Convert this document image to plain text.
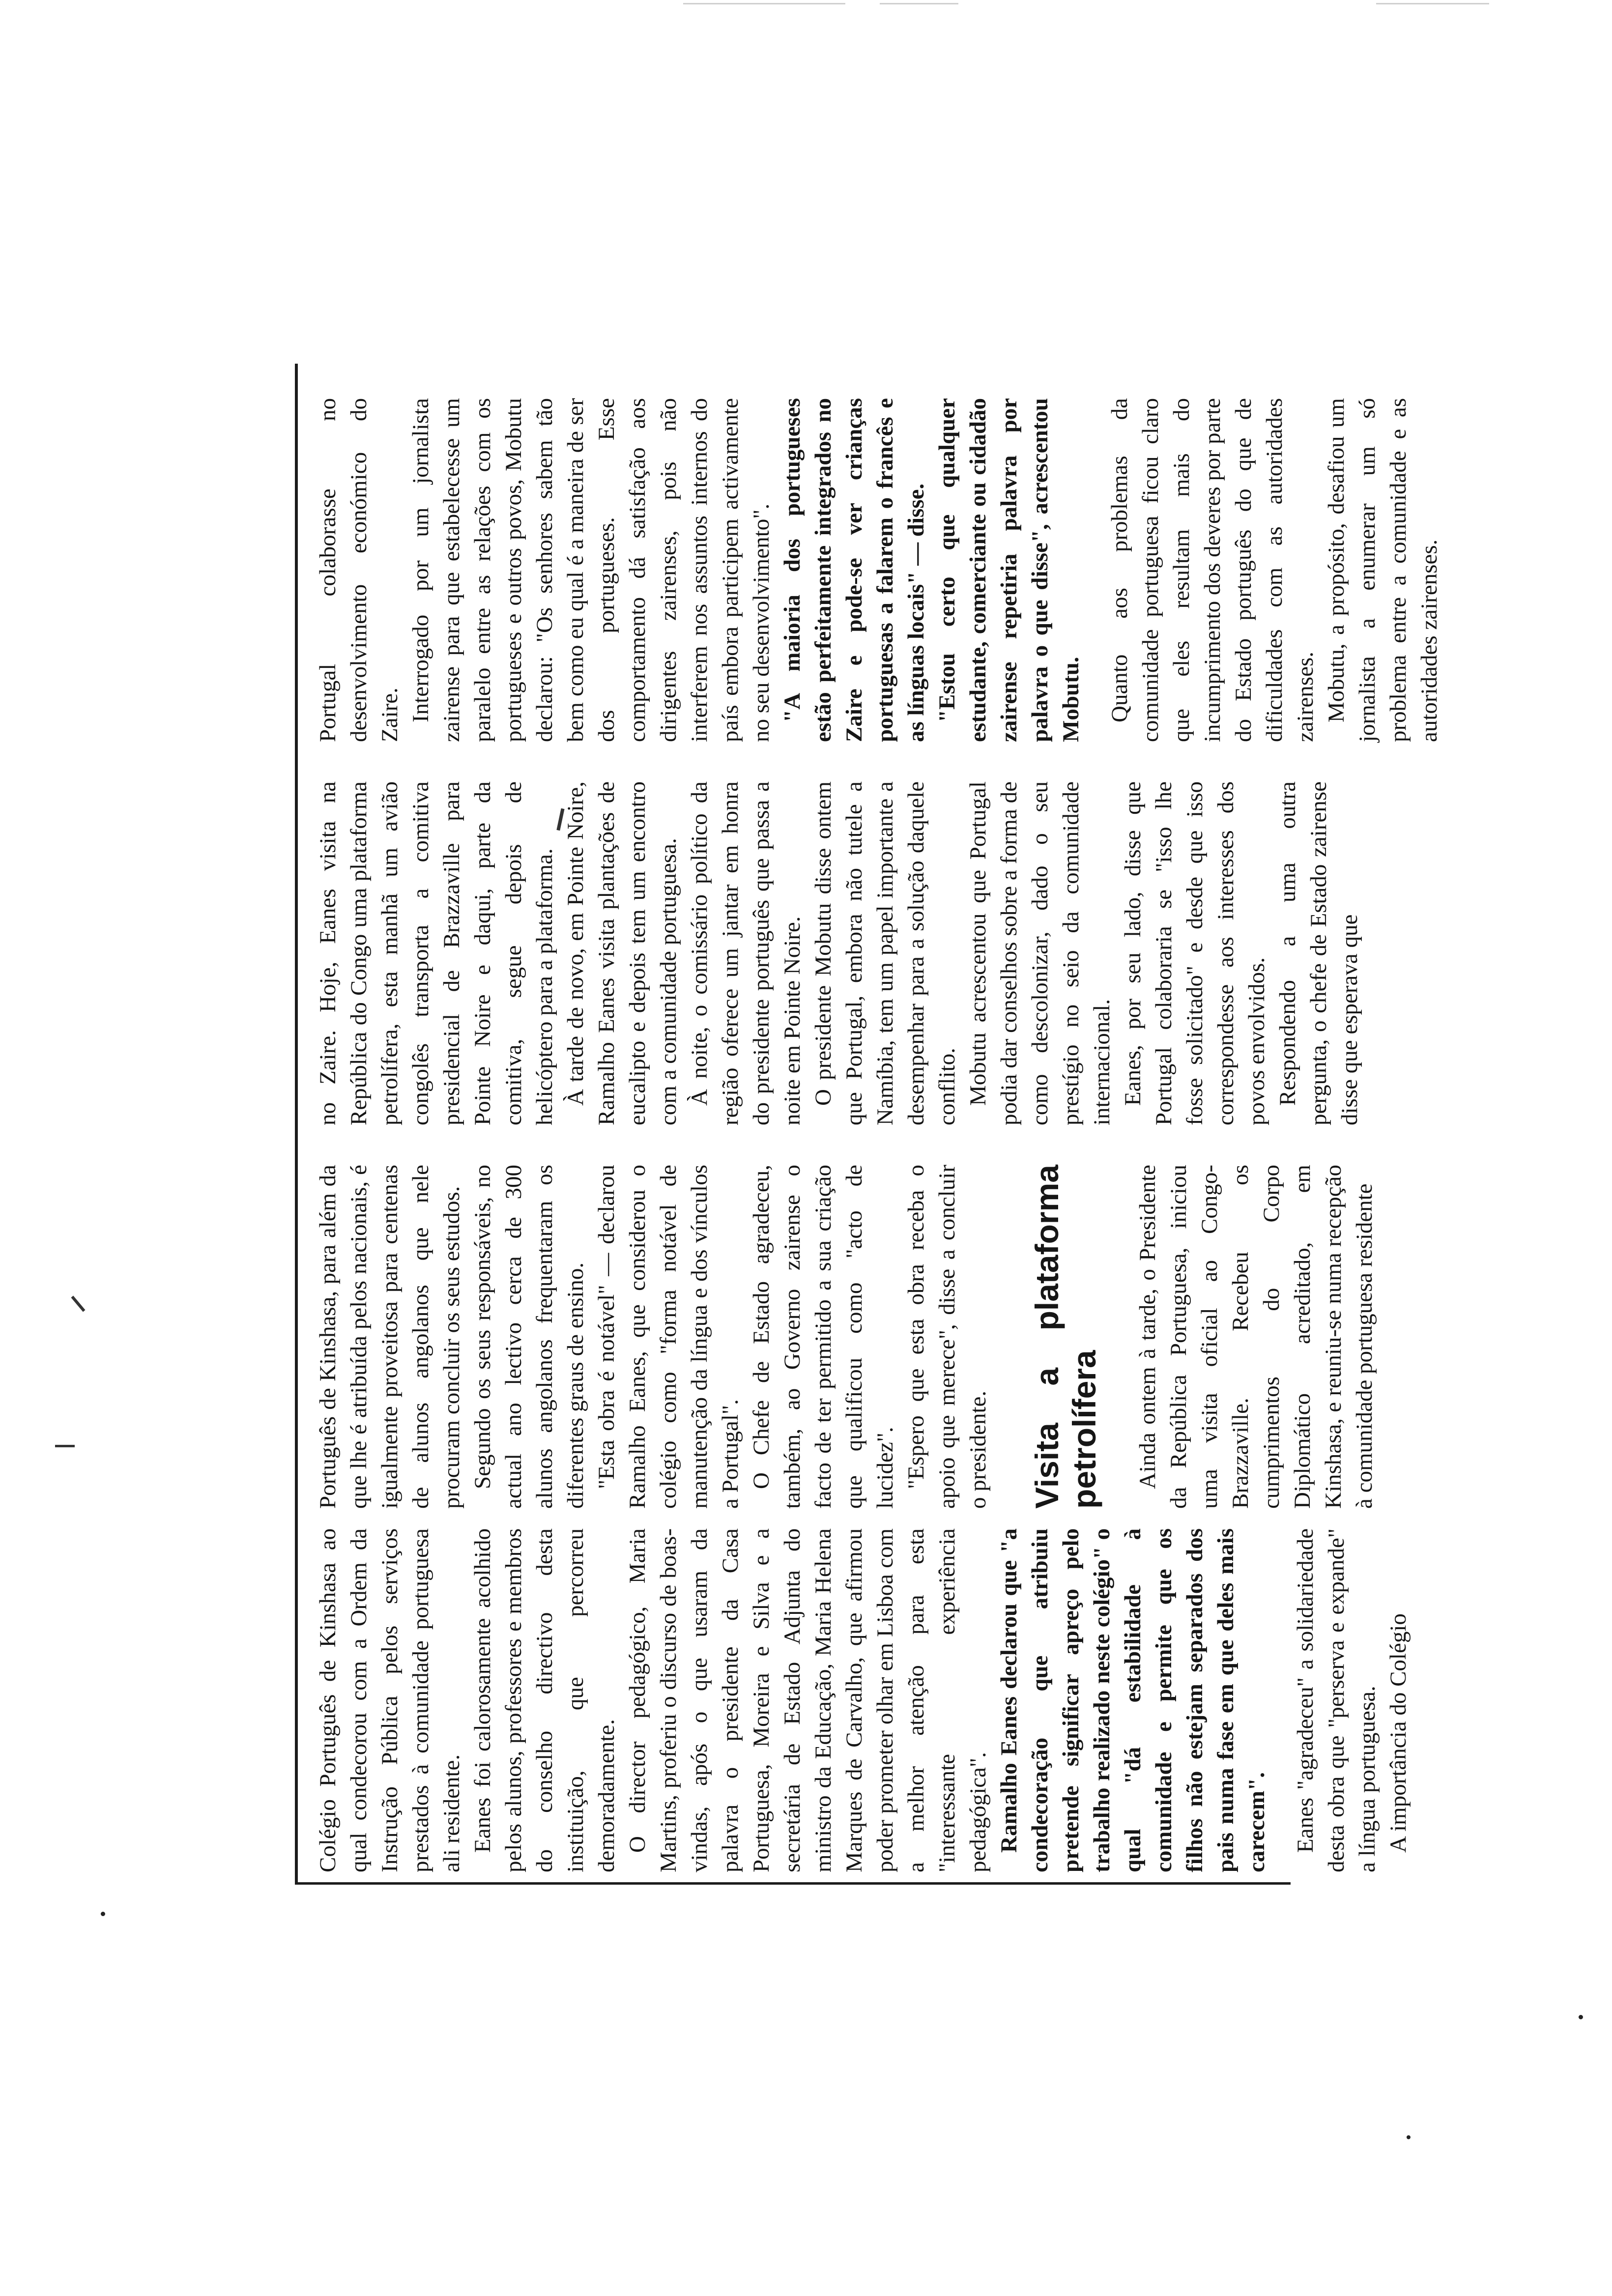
Colégio Português de Kinshasa ao qual condecorou com a Ordem da Instrução Pública pelos serviços prestados à comunidade portuguesa ali residente. Eanes foi calorosamente acolhido pelos alunos, professores e membros do conselho directivo desta instituição, que percorreu demoradamente. O director pedagógico, Maria Martins, proferiu o discurso de boas-vindas, após o que usaram da palavra o presidente da Casa Portuguesa, Moreira e Silva e a secretária de Estado Adjunta do ministro da Educação, Maria Helena Marques de Carvalho, que afirmou poder prometer olhar em Lisboa com a melhor atenção para esta "interessante experiência pedagógica". Ramalho Eanes declarou que "a condecoração que atribuiu pretende significar apreço pelo trabalho realizado neste colégio" o qual "dá estabilidade à comunidade e permite que os filhos não estejam separados dos pais numa fase em que deles mais carecem". Eanes "agradeceu" a solidariedade desta obra que "perserva e expande" a língua portuguesa. A importância do Colégio

Português de Kinshasa, para além da que lhe é atribuída pelos nacionais, é igualmente proveitosa para centenas de alunos angolanos que nele procuram concluir os seus estudos. Segundo os seus responsáveis, no actual ano lectivo cerca de 300 alunos angolanos frequentaram os diferentes graus de ensino. "Esta obra é notável" — declarou Ramalho Eanes, que considerou o colégio como "forma notável de manutenção da língua e dos vínculos a Portugal". O Chefe de Estado agradeceu, também, ao Governo zairense o facto de ter permitido a sua criação que qualificou como "acto de lucidez". "Espero que esta obra receba o apoio que merece", disse a concluir o presidente. Visita a plataforma petrolífera Ainda ontem à tarde, o Presidente da República Portuguesa, iniciou uma visita oficial ao Congo-Brazzaville. Recebeu os cumprimentos do Corpo Diplomático acreditado, em Kinshasa, e reuniu-se numa recepção à comunidade portuguesa residente

no Zaire. Hoje, Eanes visita na República do Congo uma plataforma petrolífera, esta manhã um avião congolês transporta a comitiva presidencial de Brazzaville para Pointe Noire e daqui, parte da comitiva, segue depois de helicóptero para a plataforma. À tarde de novo, em Pointe Noire, Ramalho Eanes visita plantações de eucalipto e depois tem um encontro com a comunidade portuguesa. À noite, o comissário político da região oferece um jantar em honra do presidente português que passa a noite em Pointe Noire. O presidente Mobutu disse ontem que Portugal, embora não tutele a Namíbia, tem um papel importante a desempenhar para a solução daquele conflito. Mobutu acrescentou que Portugal podia dar conselhos sobre a forma de como descolonizar, dado o seu prestígio no seio da comunidade internacional. Eanes, por seu lado, disse que Portugal colaboraria se "isso lhe fosse solicitado" e desde que isso correspondesse aos interesses dos povos envolvidos. Respondendo a uma outra pergunta, o chefe de Estado zairense disse que esperava que

Portugal colaborasse no desenvolvimento económico do Zaire. Interrogado por um jornalista zairense para que estabelecesse um paralelo entre as relações com os portugueses e outros povos, Mobutu declarou: "Os senhores sabem tão bem como eu qual é a maneira de ser dos portugueses. Esse comportamento dá satisfação aos dirigentes zairenses, pois não interferem nos assuntos internos do país embora participem activamente no seu desenvolvimento". "A maioria dos portugueses estão perfeitamente integrados no Zaire e pode-se ver crianças portuguesas a falarem o francês e as línguas locais" — disse. "Estou certo que qualquer estudante, comerciante ou cidadão zairense repetiria palavra por palavra o que disse", acrescentou Mobutu. Quanto aos problemas da comunidade portuguesa ficou claro que eles resultam mais do incumprimento dos deveres por parte do Estado português do que de dificuldades com as autoridades zairenses. Mobutu, a propósito, desafiou um jornalista a enumerar um só problema entre a comunidade e as autoridades zairenses.
